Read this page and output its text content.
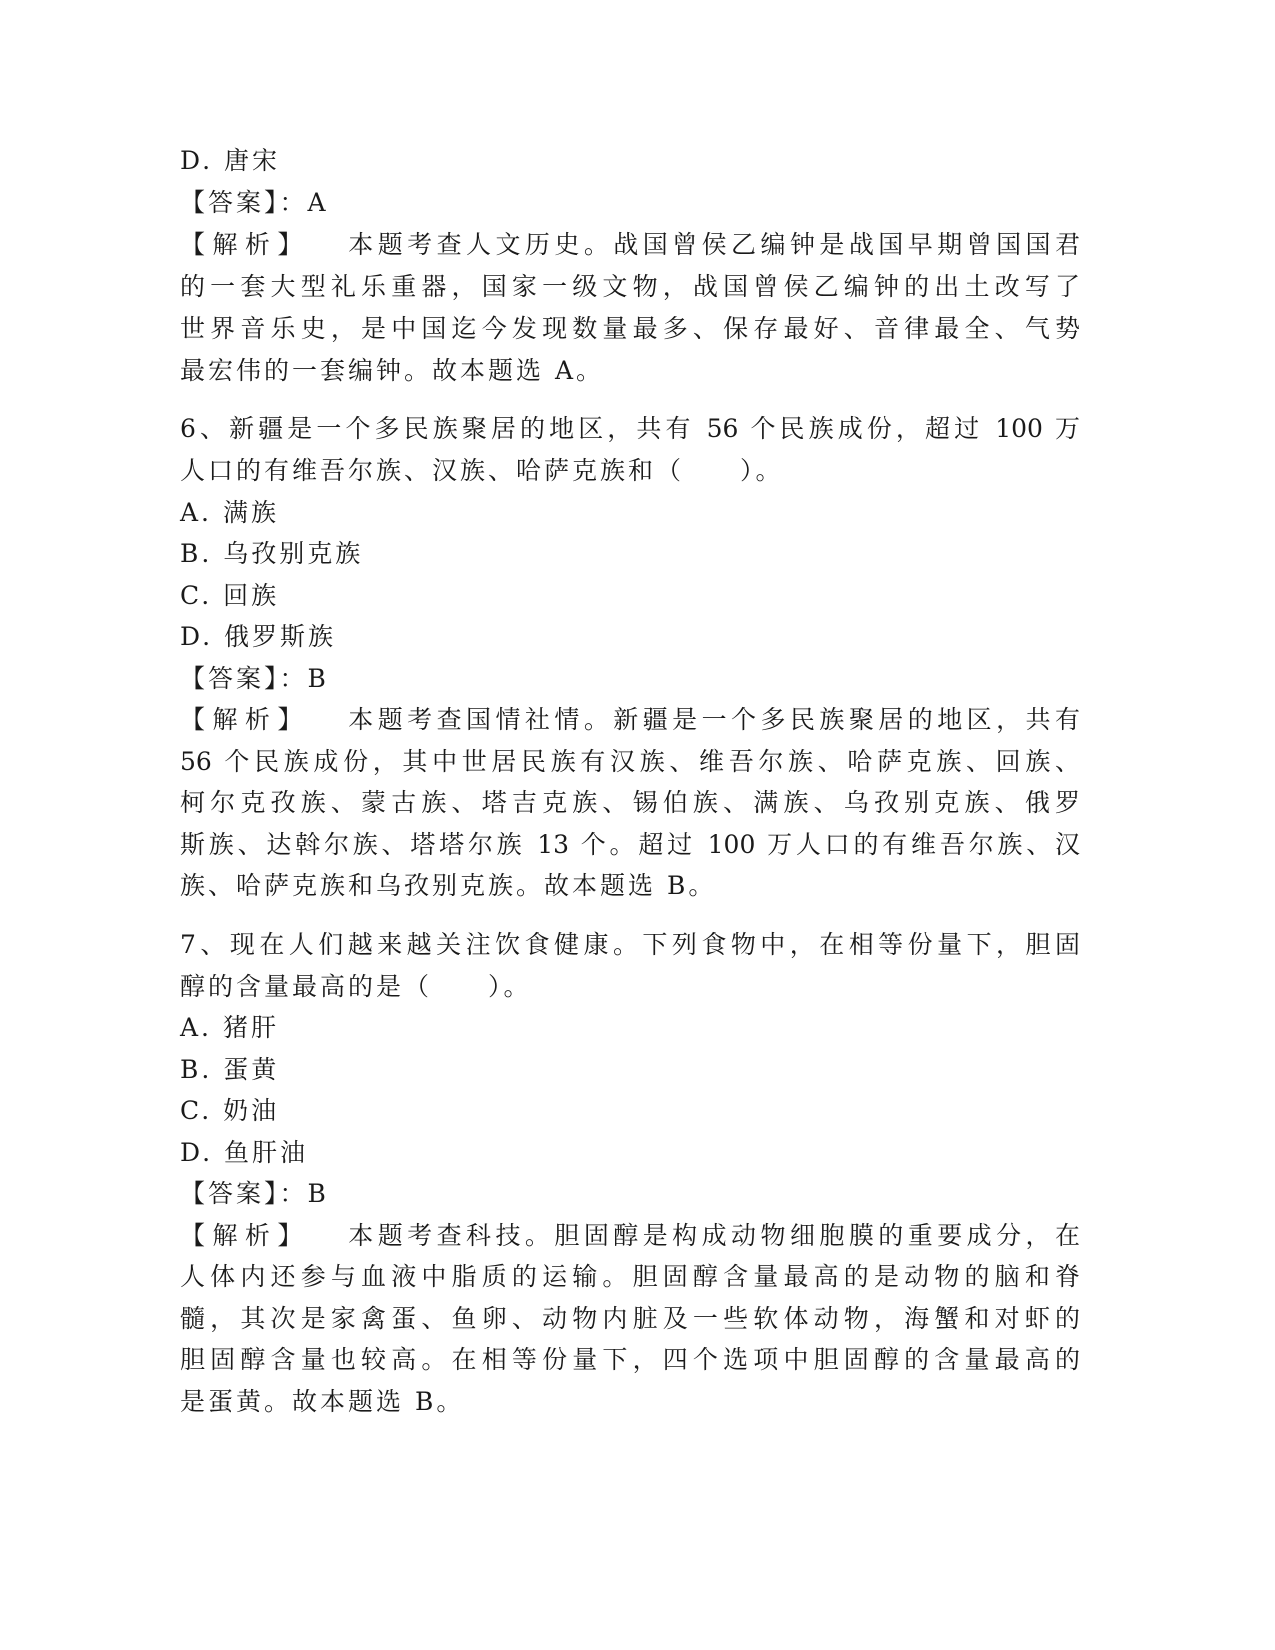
D. 唐宋
【答案】：A
【解析】 本题考查人文历史。战国曾侯乙编钟是战国早期曾国国君
的一套大型礼乐重器，国家一级文物，战国曾侯乙编钟的出土改写了
世界音乐史，是中国迄今发现数量最多、保存最好、音律最全、气势
最宏伟的一套编钟。故本题选 A。
6、新疆是一个多民族聚居的地区，共有 56 个民族成份，超过 100 万
人口的有维吾尔族、汉族、哈萨克族和（　　）。
A. 满族
B. 乌孜别克族
C. 回族
D. 俄罗斯族
【答案】：B
【解析】 本题考查国情社情。新疆是一个多民族聚居的地区，共有
56 个民族成份，其中世居民族有汉族、维吾尔族、哈萨克族、回族、
柯尔克孜族、蒙古族、塔吉克族、锡伯族、满族、乌孜别克族、俄罗
斯族、达斡尔族、塔塔尔族 13 个。超过 100 万人口的有维吾尔族、汉
族、哈萨克族和乌孜别克族。故本题选 B。
7、现在人们越来越关注饮食健康。下列食物中，在相等份量下，胆固
醇的含量最高的是（　　）。
A. 猪肝
B. 蛋黄
C. 奶油
D. 鱼肝油
【答案】：B
【解析】 本题考查科技。胆固醇是构成动物细胞膜的重要成分，在
人体内还参与血液中脂质的运输。胆固醇含量最高的是动物的脑和脊
髓，其次是家禽蛋、鱼卵、动物内脏及一些软体动物，海蟹和对虾的
胆固醇含量也较高。在相等份量下，四个选项中胆固醇的含量最高的
是蛋黄。故本题选 B。
